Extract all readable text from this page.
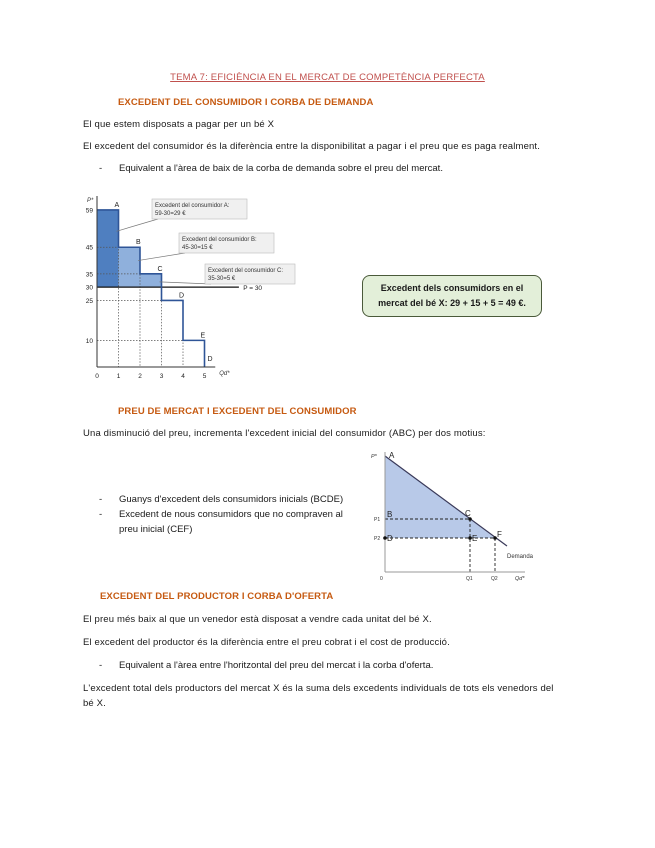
TEMA 7: EFICIÈNCIA EN EL MERCAT DE COMPETÈNCIA PERFECTA
EXCEDENT DEL CONSUMIDOR I CORBA DE DEMANDA
El que estem disposats a pagar per un bé X
El excedent del consumidor és la diferència entre la disponibilitat a pagar i el preu que es paga realment.
- Equivalent a l'àrea de baix de la corba de demanda sobre el preu del mercat.
P = 30
A
B
C
D
E
D
P*
Qd*
59
45
35
30
25
10
0	1	2	3	4	5
Excedent del consumidor A:
59-30=29 €
Excedent del consumidor B:
45-30=15 €
Excedent del consumidor C:
35-30=5 €
Excedent dels consumidors en el
mercat del bé X: 29 + 15 + 5 = 49 €.
PREU DE MERCAT I EXCEDENT DEL CONSUMIDOR
Una disminució del preu, incrementa l'excedent inicial del consumidor (ABC) per dos motius:
- Guanys d'excedent dels consumidors inicials (BCDE)
- Excedent de nous consumidors que no compraven al
preu inicial (CEF)
A
B	C
D	E F
P1
P2
Q1	Q2
0
P*
Qd*
Demanda
EXCEDENT DEL PRODUCTOR I CORBA D'OFERTA
El preu més baix al que un venedor està disposat a vendre cada unitat del bé X.
El excedent del productor és la diferència entre el preu cobrat i el cost de producció.
- Equivalent a l'àrea entre l'horitzontal del preu del mercat i la corba d'oferta.
L'excedent total dels productors del mercat X és la suma dels excedents individuals de tots els venedors del
bé X.
